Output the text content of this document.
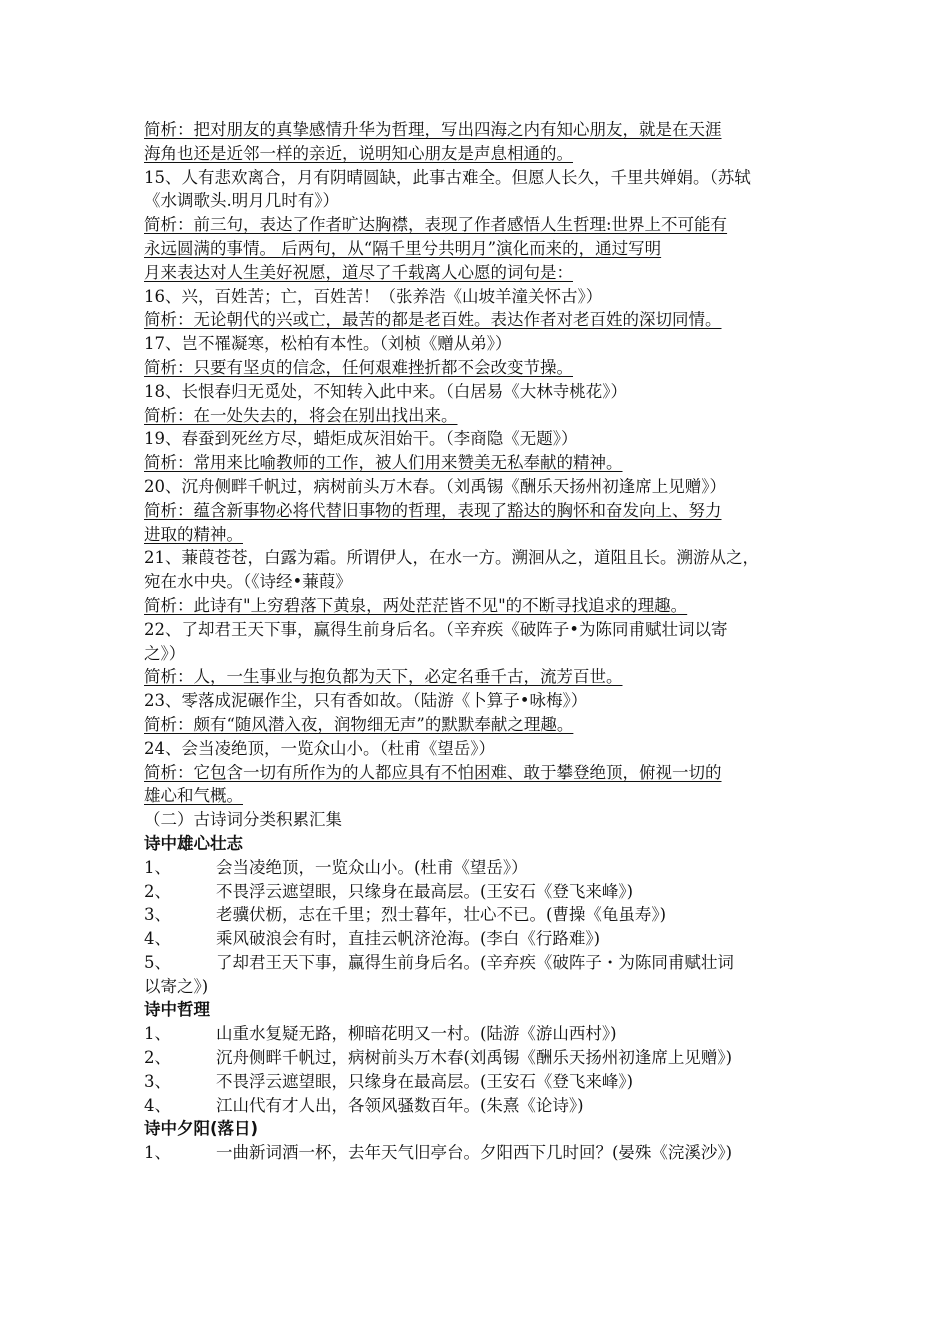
简析：把对朋友的真挚感情升华为哲理，写出四海之内有知心朋友，就是在天涯
海角也还是近邻一样的亲近，说明知心朋友是声息相通的。
15、人有悲欢离合，月有阴晴圆缺，此事古难全。但愿人长久，千里共婵娟。（苏轼
《水调歌头.明月几时有》）
简析：前三句，表达了作者旷达胸襟，表现了作者感悟人生哲理:世界上不可能有
永远圆满的事情。 后两句，从“隔千里兮共明月”演化而来的，通过写明
月来表达对人生美好祝愿，道尽了千载离人心愿的词句是：
16、兴，百姓苦；亡，百姓苦！（张养浩《山坡羊潼关怀古》）
简析：无论朝代的兴或亡，最苦的都是老百姓。表达作者对老百姓的深切同情。
17、岂不罹凝寒，松柏有本性。（刘桢《赠从弟》）
简析：只要有坚贞的信念，任何艰难挫折都不会改变节操。
18、长恨春归无觅处，不知转入此中来。（白居易《大林寺桃花》）
简析：在一处失去的，将会在别出找出来。
19、春蚕到死丝方尽，蜡炬成灰泪始干。（李商隐《无题》）
简析：常用来比喻教师的工作，被人们用来赞美无私奉献的精神。
20、沉舟侧畔千帆过，病树前头万木春。（刘禹锡《酬乐天扬州初逢席上见赠》）
简析：蕴含新事物必将代替旧事物的哲理，表现了豁达的胸怀和奋发向上、努力
进取的精神。
21、蒹葭苍苍，白露为霜。所谓伊人，在水一方。溯洄从之，道阻且长。溯游从之，
宛在水中央。（《诗经•蒹葭》
简析：此诗有"上穷碧落下黄泉，两处茫茫皆不见"的不断寻找追求的理趣。
22、了却君王天下事，赢得生前身后名。（辛弃疾《破阵子•为陈同甫赋壮词以寄
之》）
简析：人，一生事业与抱负都为天下，必定名垂千古，流芳百世。
23、零落成泥碾作尘，只有香如故。（陆游《卜算子•咏梅》）
简析：颇有“随风潜入夜，润物细无声”的默默奉献之理趣。
24、会当凌绝顶，一览众山小。（杜甫《望岳》）
简析：它包含一切有所作为的人都应具有不怕困难、敢于攀登绝顶，俯视一切的
雄心和气概。
（二）古诗词分类积累汇集
诗中雄心壮志
1、	会当凌绝顶，一览众山小。(杜甫《望岳》）
2、	不畏浮云遮望眼，只缘身在最高层。(王安石《登飞来峰》)
3、	老骥伏枥，志在千里；烈士暮年，壮心不已。(曹操《龟虽寿》)
4、	乘风破浪会有时，直挂云帆济沧海。(李白《行路难》)
5、	了却君王天下事，赢得生前身后名。(辛弃疾《破阵子・为陈同甫赋壮词
以寄之》)
诗中哲理
1、	山重水复疑无路，柳暗花明又一村。(陆游《游山西村》)
2、	沉舟侧畔千帆过，病树前头万木春(刘禹锡《酬乐天扬州初逢席上见赠》)
3、	不畏浮云遮望眼，只缘身在最高层。(王安石《登飞来峰》)
4、	江山代有才人出，各领风骚数百年。(朱熹《论诗》)
诗中夕阳(落日)
1、	一曲新词酒一杯，去年天气旧亭台。夕阳西下几时回？(晏殊《浣溪沙》)
